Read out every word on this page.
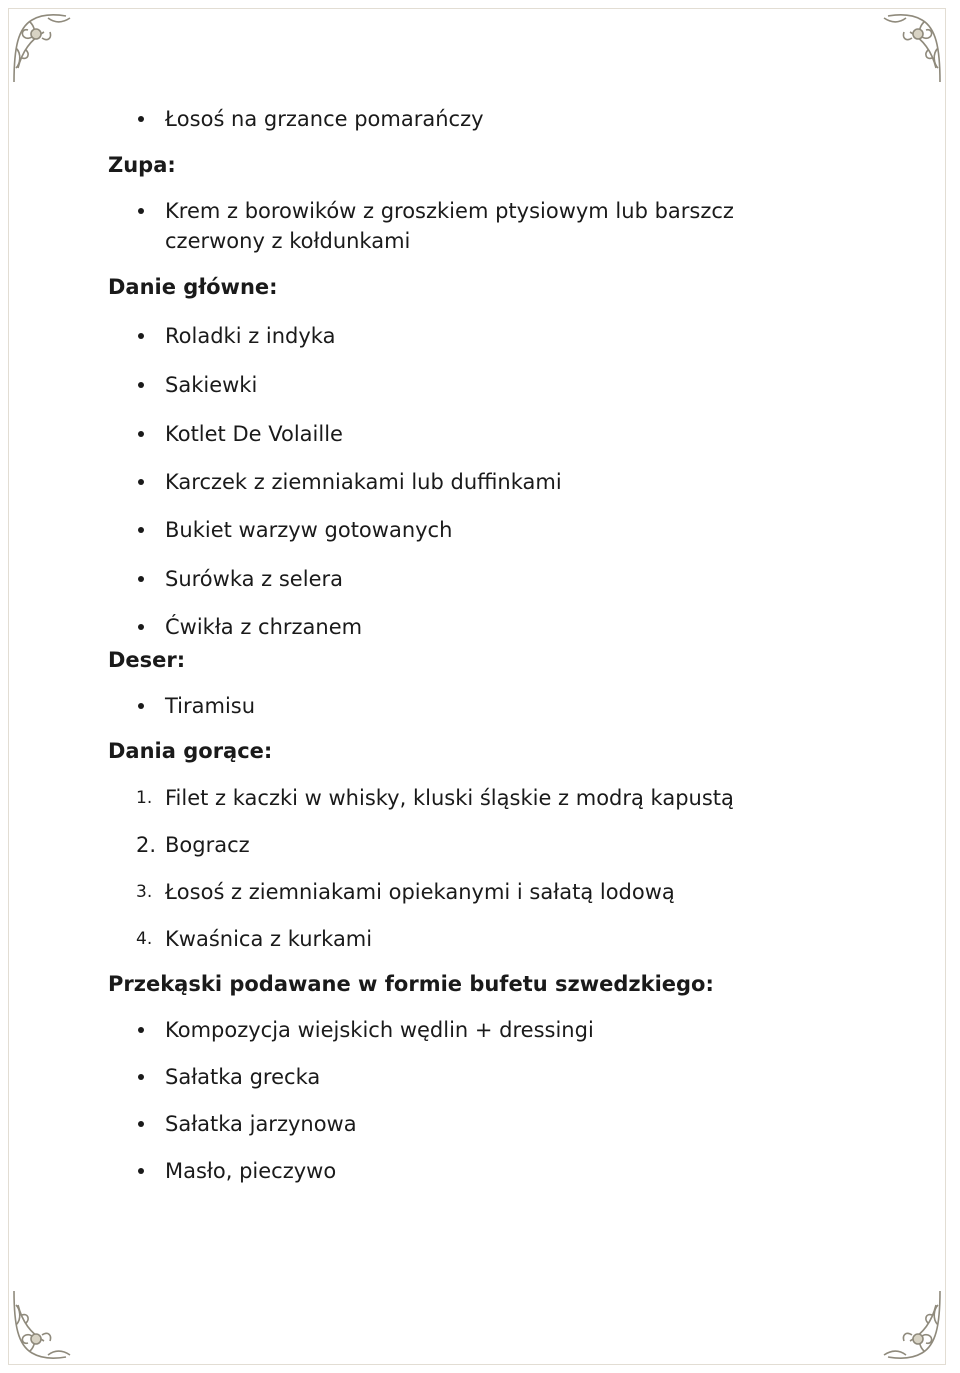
Łosoś na grzance pomarańczy
Zupa:
Krem z borowików z groszkiem ptysiowym lub barszcz
czerwony z kołdunkami
Danie główne:
Roladki z indyka
Sakiewki
Kotlet De Volaille
Karczek z ziemniakami lub duffinkami
Bukiet warzyw gotowanych
Surówka z selera
Ćwikła z chrzanem
Deser:
Tiramisu
Dania gorące:
1. Filet z kaczki w whisky, kluski śląskie z modrą kapustą
2. Bogracz
3. Łosoś z ziemniakami opiekanymi i sałatą lodową
4. Kwaśnica z kurkami
Przekąski podawane w formie bufetu szwedzkiego:
Kompozycja wiejskich wędlin + dressingi
Sałatka grecka
Sałatka jarzynowa
Masło, pieczywo
